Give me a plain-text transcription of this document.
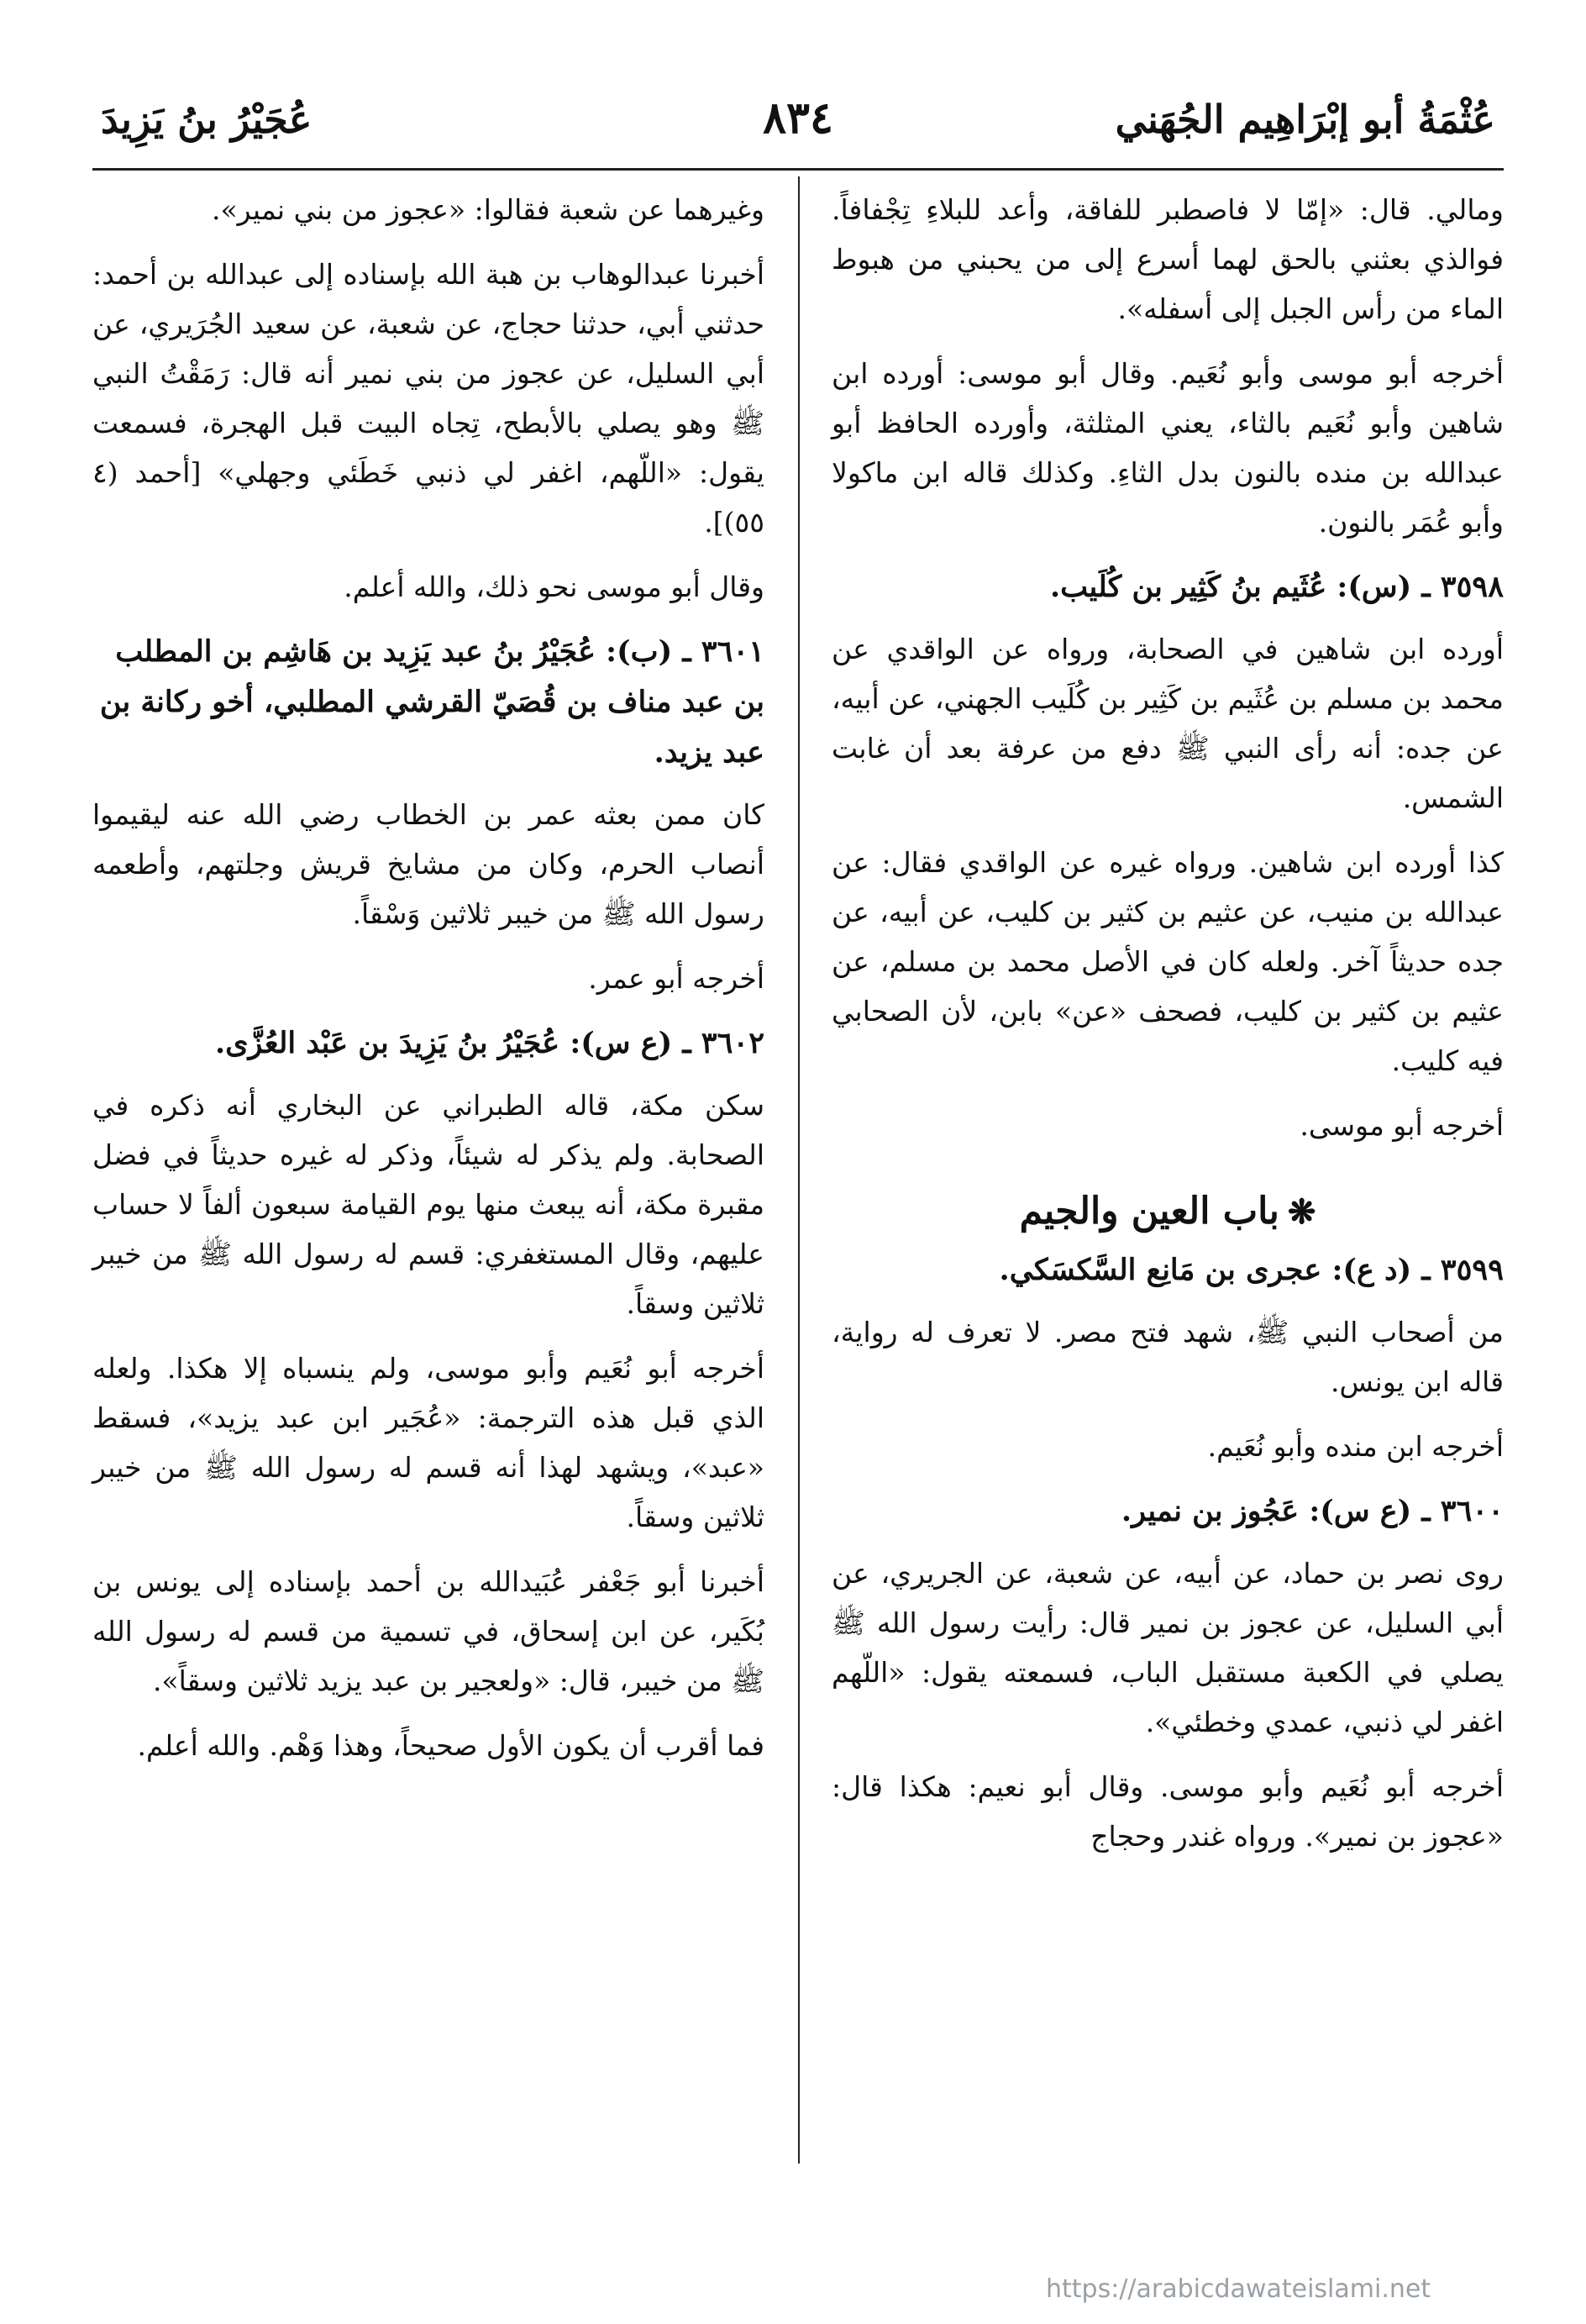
عُثْمَةُ أبو إبْرَاهِيم الجُهَني
٨٣٤
عُجَيْرُ بنُ يَزِيدَ
ومالي. قال: «إمّا لا فاصطبر للفاقة، وأعد للبلاءِ تِجْفافاً. فوالذي بعثني بالحق لهما أسرع إلى من يحبني من هبوط الماء من رأس الجبل إلى أسفله».
أخرجه أبو موسى وأبو نُعَيم. وقال أبو موسى: أورده ابن شاهين وأبو نُعَيم بالثاء، يعني المثلثة، وأورده الحافظ أبو عبدالله بن منده بالنون بدل الثاءِ. وكذلك قاله ابن ماكولا وأبو عُمَر بالنون.
٣٥٩٨ ـ (س): عُثَيم بنُ كَثِير بن كُلَيب.
أورده ابن شاهين في الصحابة، ورواه عن الواقدي عن محمد بن مسلم بن عُثَيم بن كَثِير بن كُلَيب الجهني، عن أبيه، عن جده: أنه رأى النبي ﷺ دفع من عرفة بعد أن غابت الشمس.
كذا أورده ابن شاهين. ورواه غيره عن الواقدي فقال: عن عبدالله بن منيب، عن عثيم بن كثير بن كليب، عن أبيه، عن جده حديثاً آخر. ولعله كان في الأصل محمد بن مسلم، عن عثيم بن كثير بن كليب، فصحف «عن» بابن، لأن الصحابي فيه كليب.
أخرجه أبو موسى.
❋باب العين والجيم
٣٥٩٩ ـ (د ع): عجرى بن مَانِع السَّكسَكي.
من أصحاب النبي ﷺ، شهد فتح مصر. لا تعرف له رواية، قاله ابن يونس.
أخرجه ابن منده وأبو نُعَيم.
٣٦٠٠ ـ (ع س): عَجُوز بن نمير.
روى نصر بن حماد، عن أبيه، عن شعبة، عن الجريري، عن أبي السليل، عن عجوز بن نمير قال: رأيت رسول الله ﷺ يصلي في الكعبة مستقبل الباب، فسمعته يقول: «اللّهم اغفر لي ذنبي، عمدي وخطئي».
أخرجه أبو نُعَيم وأبو موسى. وقال أبو نعيم: هكذا قال: «عجوز بن نمير». ورواه غندر وحجاج
وغيرهما عن شعبة فقالوا: «عجوز من بني نمير».
أخبرنا عبدالوهاب بن هبة الله بإسناده إلى عبدالله بن أحمد: حدثني أبي، حدثنا حجاج، عن شعبة، عن سعيد الجُرَيري، عن أبي السليل، عن عجوز من بني نمير أنه قال: رَمَقْتُ النبي ﷺ وهو يصلي بالأبطح، تِجاه البيت قبل الهجرة، فسمعت يقول: «اللّهم، اغفر لي ذنبي خَطَئي وجهلي» [أحمد (٤ ٥٥)].
وقال أبو موسى نحو ذلك، والله أعلم.
٣٦٠١ ـ (ب): عُجَيْرُ بنُ عبد يَزِيد بن هَاشِم بن المطلب بن عبد مناف بن قُصَيّ القرشي المطلبي، أخو ركانة بن عبد يزيد.
كان ممن بعثه عمر بن الخطاب رضي الله عنه ليقيموا أنصاب الحرم، وكان من مشايخ قريش وجلتهم، وأطعمه رسول الله ﷺ من خيبر ثلاثين وَسْقاً.
أخرجه أبو عمر.
٣٦٠٢ ـ (ع س): عُجَيْرُ بنُ يَزِيدَ بن عَبْد العُزَّى.
سكن مكة، قاله الطبراني عن البخاري أنه ذكره في الصحابة. ولم يذكر له شيئاً، وذكر له غيره حديثاً في فضل مقبرة مكة، أنه يبعث منها يوم القيامة سبعون ألفاً لا حساب عليهم، وقال المستغفري: قسم له رسول الله ﷺ من خيبر ثلاثين وسقاً.
أخرجه أبو نُعَيم وأبو موسى، ولم ينسباه إلا هكذا. ولعله الذي قبل هذه الترجمة: «عُجَير ابن عبد يزيد»، فسقط «عبد»، ويشهد لهذا أنه قسم له رسول الله ﷺ من خيبر ثلاثين وسقاً.
أخبرنا أبو جَعْفر عُبَيدالله بن أحمد بإسناده إلى يونس بن بُكَير، عن ابن إسحاق، في تسمية من قسم له رسول الله ﷺ من خيبر، قال: «ولعجير بن عبد يزيد ثلاثين وسقاً».
فما أقرب أن يكون الأول صحيحاً، وهذا وَهْم. والله أعلم.
https://arabicdawateislami.net
